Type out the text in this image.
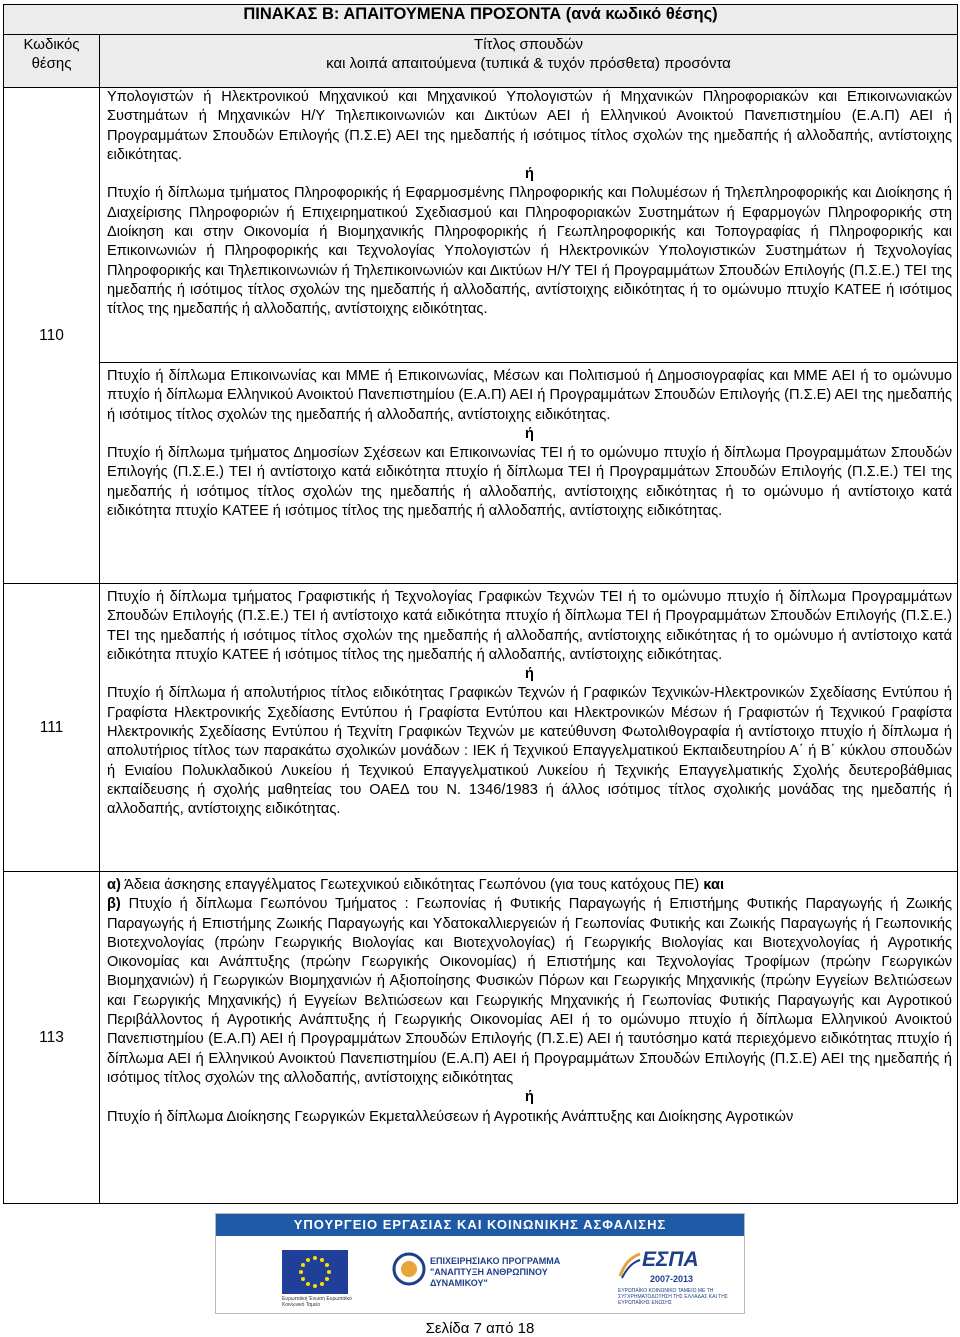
ΠΙΝΑΚΑΣ Β: ΑΠΑΙΤΟΥΜΕΝΑ ΠΡΟΣΟΝΤΑ (ανά κωδικό θέσης)	
Κωδικός θέσης	Τίτλος σπουδών
και λοιπά απαιτούμενα (τυπικά & τυχόν πρόσθετα) προσόντα

110	Υπολογιστών ή Ηλεκτρονικού Μηχανικού και Μηχανικού Υπολογιστών ή Μηχανικών Πληροφοριακών και Επικοινωνιακών Συστημάτων ή Μηχανικών Η/Υ Τηλεπικοινωνιών και Δικτύων ΑΕΙ ή Ελληνικού Ανοικτού Πανεπιστημίου (Ε.Α.Π) ΑΕΙ ή Προγραμμάτων Σπουδών Επιλογής (Π.Σ.Ε) ΑΕΙ της ημεδαπής ή ισότιμος τίτλος σχολών της ημεδαπής ή αλλοδαπής, αντίστοιχης ειδικότητας.

ή

Πτυχίο ή δίπλωμα τμήματος Πληροφορικής ή Εφαρμοσμένης Πληροφορικής και Πολυμέσων ή Τηλεπληροφορικής και Διοίκησης ή Διαχείρισης Πληροφοριών ή Επιχειρηματικού Σχεδιασμού και Πληροφοριακών Συστημάτων ή Εφαρμογών Πληροφορικής στη Διοίκηση και στην Οικονομία ή Βιομηχανικής Πληροφορικής ή Γεωπληροφορικής και Τοπογραφίας ή Πληροφορικής και Επικοινωνιών ή Πληροφορικής και Τεχνολογίας Υπολογιστών ή Ηλεκτρονικών Υπολογιστικών Συστημάτων ή Τεχνολογίας Πληροφορικής και Τηλεπικοινωνιών ή Τηλεπικοινωνιών και Δικτύων Η/Υ ΤΕΙ ή Προγραμμάτων Σπουδών Επιλογής (Π.Σ.Ε.) ΤΕΙ της ημεδαπής ή ισότιμος τίτλος σχολών της ημεδαπής ή αλλοδαπής, αντίστοιχης ειδικότητας ή το ομώνυμο πτυχίο ΚΑΤΕΕ ή ισότιμος τίτλος της ημεδαπής ή αλλοδαπής, αντίστοιχης ειδικότητας.

	Πτυχίο ή δίπλωμα Επικοινωνίας και ΜΜΕ ή Επικοινωνίας, Μέσων και Πολιτισμού ή Δημοσιογραφίας και ΜΜΕ ΑΕΙ ή το ομώνυμο πτυχίο ή δίπλωμα Ελληνικού Ανοικτού Πανεπιστημίου (Ε.Α.Π) ΑΕΙ ή Προγραμμάτων Σπουδών Επιλογής (Π.Σ.Ε) ΑΕΙ της ημεδαπής ή ισότιμος τίτλος σχολών της ημεδαπής ή αλλοδαπής, αντίστοιχης ειδικότητας.

ή

Πτυχίο ή δίπλωμα τμήματος Δημοσίων Σχέσεων και Επικοινωνίας ΤΕΙ ή το ομώνυμο πτυχίο ή δίπλωμα Προγραμμάτων Σπουδών Επιλογής (Π.Σ.Ε.) ΤΕΙ ή αντίστοιχο κατά ειδικότητα πτυχίο ή δίπλωμα ΤΕΙ ή Προγραμμάτων Σπουδών Επιλογής (Π.Σ.Ε.) ΤΕΙ της ημεδαπής ή ισότιμος τίτλος σχολών της ημεδαπής ή αλλοδαπής, αντίστοιχης ειδικότητας ή το ομώνυμο ή αντίστοιχο κατά ειδικότητα πτυχίο ΚΑΤΕΕ ή ισότιμος τίτλος της ημεδαπής ή αλλοδαπής, αντίστοιχης ειδικότητας.

111	Πτυχίο ή δίπλωμα τμήματος Γραφιστικής ή Τεχνολογίας Γραφικών Τεχνών ΤΕΙ ή το ομώνυμο πτυχίο ή δίπλωμα Προγραμμάτων Σπουδών Επιλογής (Π.Σ.Ε.) ΤΕΙ ή αντίστοιχο κατά ειδικότητα πτυχίο ή δίπλωμα ΤΕΙ ή Προγραμμάτων Σπουδών Επιλογής (Π.Σ.Ε.) ΤΕΙ της ημεδαπής ή ισότιμος τίτλος σχολών της ημεδαπής ή αλλοδαπής, αντίστοιχης ειδικότητας ή το ομώνυμο ή αντίστοιχο κατά ειδικότητα πτυχίο ΚΑΤΕΕ ή ισότιμος τίτλος της ημεδαπής ή αλλοδαπής, αντίστοιχης ειδικότητας.

ή

Πτυχίο ή δίπλωμα ή απολυτήριος τίτλος ειδικότητας Γραφικών Τεχνών ή Γραφικών Τεχνικών-Ηλεκτρονικών Σχεδίασης Εντύπου ή Γραφίστα Ηλεκτρονικής Σχεδίασης Εντύπου ή Γραφίστα Εντύπου και Ηλεκτρονικών Μέσων ή Γραφιστών ή Τεχνικού Γραφίστα Ηλεκτρονικής Σχεδίασης Εντύπου ή Τεχνίτη Γραφικών Τεχνών με κατεύθυνση Φωτολιθογραφία ή αντίστοιχο πτυχίο ή δίπλωμα ή απολυτήριος τίτλος των παρακάτω σχολικών μονάδων : ΙΕΚ ή Τεχνικού Επαγγελματικού Εκπαιδευτηρίου Α΄ ή Β΄ κύκλου σπουδών ή Ενιαίου Πολυκλαδικού Λυκείου ή Τεχνικού Επαγγελματικού Λυκείου ή Τεχνικής Επαγγελματικής Σχολής δευτεροβάθμιας εκπαίδευσης ή σχολής μαθητείας του ΟΑΕΔ του Ν. 1346/1983 ή άλλος ισότιμος τίτλος σχολικής μονάδας της ημεδαπής ή αλλοδαπής, αντίστοιχης ειδικότητας.

113	α) Άδεια άσκησης επαγγέλματος Γεωτεχνικού ειδικότητας Γεωπόνου (για τους κατόχους ΠΕ) και

β) Πτυχίο ή δίπλωμα Γεωπόνου Τμήματος : Γεωπονίας ή Φυτικής Παραγωγής ή Επιστήμης Φυτικής Παραγωγής ή Ζωικής Παραγωγής ή Επιστήμης Ζωικής Παραγωγής και Υδατοκαλλιεργειών ή Γεωπονίας Φυτικής και Ζωικής Παραγωγής ή Γεωπονικής Βιοτεχνολογίας (πρώην Γεωργικής Βιολογίας και Βιοτεχνολογίας) ή Γεωργικής Βιολογίας και Βιοτεχνολογίας ή Αγροτικής Οικονομίας και Ανάπτυξης (πρώην Γεωργικής Οικονομίας) ή Επιστήμης και Τεχνολογίας Τροφίμων (πρώην Γεωργικών Βιομηχανιών) ή Γεωργικών Βιομηχανιών ή Αξιοποίησης Φυσικών Πόρων και Γεωργικής Μηχανικής (πρώην Εγγείων Βελτιώσεων και Γεωργικής Μηχανικής) ή Εγγείων Βελτιώσεων και Γεωργικής Μηχανικής ή Γεωπονίας Φυτικής Παραγωγής και Αγροτικού Περιβάλλοντος ή Αγροτικής Ανάπτυξης ή Γεωργικής Οικονομίας ΑΕΙ ή το ομώνυμο πτυχίο ή δίπλωμα Ελληνικού Ανοικτού Πανεπιστημίου (Ε.Α.Π) ΑΕΙ ή Προγραμμάτων Σπουδών Επιλογής (Π.Σ.Ε) ΑΕΙ ή ταυτόσημο κατά περιεχόμενο ειδικότητας πτυχίο ή δίπλωμα ΑΕΙ ή Ελληνικού Ανοικτού Πανεπιστημίου (Ε.Α.Π) ΑΕΙ ή Προγραμμάτων Σπουδών Επιλογής (Π.Σ.Ε) ΑΕΙ της ημεδαπής ή ισότιμος τίτλος σχολών της αλλοδαπής, αντίστοιχης ειδικότητας

ή

Πτυχίο ή δίπλωμα Διοίκησης Γεωργικών Εκμεταλλεύσεων ή Αγροτικής Ανάπτυξης και Διοίκησης Αγροτικών

ΥΠΟΥΡΓΕΙΟ ΕΡΓΑΣΙΑΣ ΚΑΙ ΚΟΙΝΩΝΙΚΗΣ ΑΣΦΑΛΙΣΗΣ
Ευρωπαϊκή Ένωση Ευρωπαϊκό Κοινωνικό Ταμείο
ΕΠΙΧΕΙΡΗΣΙΑΚΟ ΠΡΟΓΡΑΜΜΑ
"ΑΝΑΠΤΥΞΗ ΑΝΘΡΩΠΙΝΟΥ ΔΥΝΑΜΙΚΟΥ"
ΕΣΠΑ
2007-2013
ΕΥΡΩΠΑΪΚΟ ΚΟΙΝΩΝΙΚΟ ΤΑΜΕΙΟ ΜΕ ΤΗ ΣΥΓΧΡΗΜΑΤΟΔΟΤΗΣΗ ΤΗΣ ΕΛΛΑΔΑΣ ΚΑΙ ΤΗΣ ΕΥΡΩΠΑΪΚΗΣ ΕΝΩΣΗΣ
Σελίδα 7 από 18
